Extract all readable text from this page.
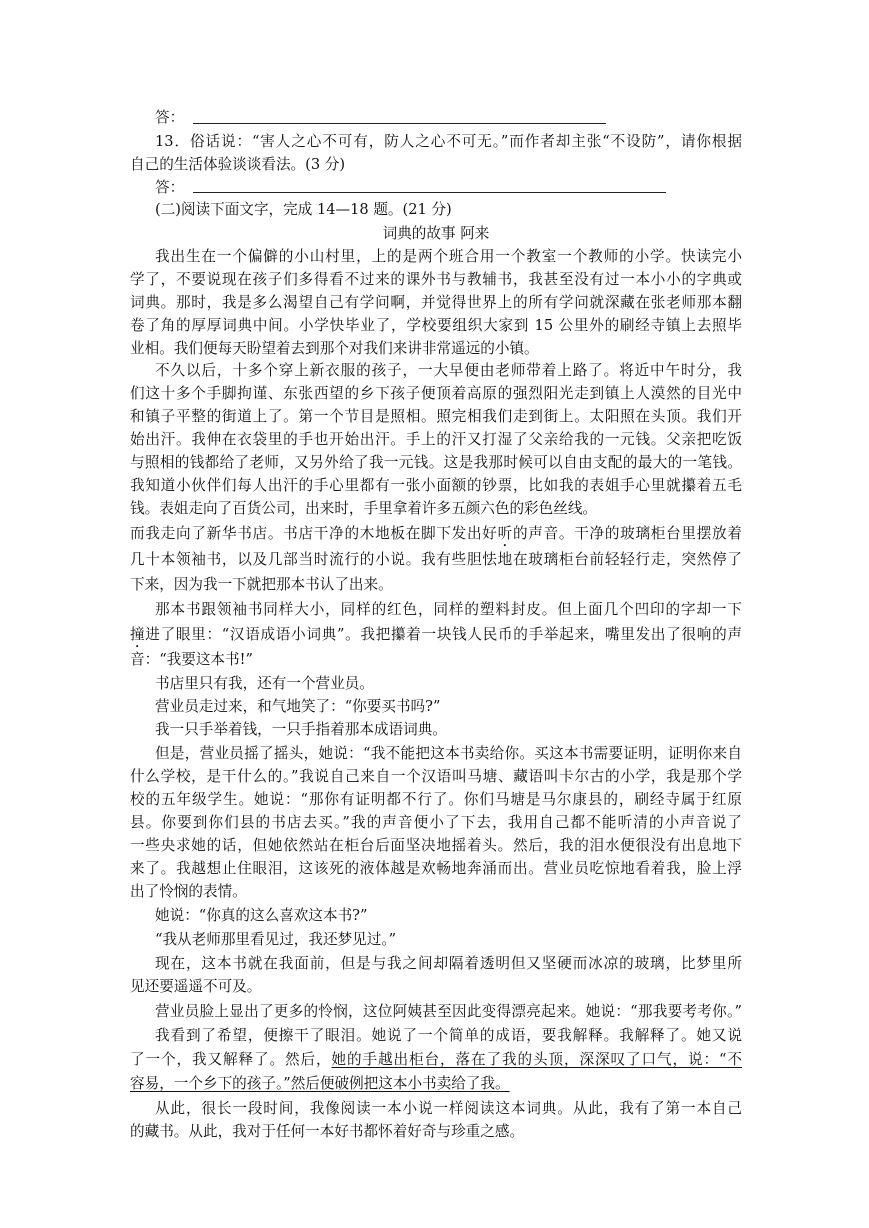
答：
13．俗话说：“害人之心不可有，防人之心不可无。”而作者却主张“不设防”，请你根据
自己的生活体验谈谈看法。(3 分)
答：
(二)阅读下面文字，完成 14—18 题。(21 分)
词典的故事 阿来
我出生在一个偏僻的小山村里，上的是两个班合用一个教室一个教师的小学。快读完小
学了，不要说现在孩子们多得看不过来的课外书与教辅书，我甚至没有过一本小小的字典或
词典。那时，我是多么渴望自己有学问啊，并觉得世界上的所有学问就深藏在张老师那本翻
卷了角的厚厚词典中间。小学快毕业了，学校要组织大家到 15 公里外的刷经寺镇上去照毕
业相。我们便每天盼望着去到那个对我们来讲非常遥远的小镇。
不久以后，十多个穿上新衣服的孩子，一大早便由老师带着上路了。将近中午时分，我
们这十多个手脚拘谨、东张西望的乡下孩子便顶着高原的强烈阳光走到镇上人漠然的目光中
和镇子平整的街道上了。第一个节目是照相。照完相我们走到街上。太阳照在头顶。我们开
始出汗。我伸在衣袋里的手也开始出汗。手上的汗又打湿了父亲给我的一元钱。父亲把吃饭
与照相的钱都给了老师，又另外给了我一元钱。这是我那时候可以自由支配的最大的一笔钱。
我知道小伙伴们每人出汗的手心里都有一张小面额的钞票，比如我的表姐手心里就攥着五毛
钱。表姐走向了百货公司，出来时，手里拿着许多五颜六色的彩色丝线。
而我走向了新华书店。书店干净的木地板在脚下发出好听的声音。干净的玻璃柜台里摆放着
几十本领袖书，以及几部当时流行的小说。我有些胆怯地在玻璃柜台前轻轻行走，突然停了
下来，因为我一下就把那本书认了出来。
那本书跟领袖书同样大小，同样的红色，同样的塑料封皮。但上面几个凹印的字却一下
撞进了眼里：“汉语成语小词典”。我把攥着一块钱人民币的手举起来，嘴里发出了很响的声
音：“我要这本书!”
书店里只有我，还有一个营业员。
营业员走过来，和气地笑了：“你要买书吗?”
我一只手举着钱，一只手指着那本成语词典。
但是，营业员摇了摇头，她说：“我不能把这本书卖给你。买这本书需要证明，证明你来自
什么学校，是干什么的。”我说自己来自一个汉语叫马塘、藏语叫卡尔古的小学，我是那个学
校的五年级学生。她说：“那你有证明都不行了。你们马塘是马尔康县的，刷经寺属于红原
县。你要到你们县的书店去买。”我的声音便小了下去，我用自己都不能听清的小声音说了
一些央求她的话，但她依然站在柜台后面坚决地摇着头。然后，我的泪水便很没有出息地下
来了。我越想止住眼泪，这该死的液体越是欢畅地奔涌而出。营业员吃惊地看着我，脸上浮
出了怜悯的表情。
她说：“你真的这么喜欢这本书?”
“我从老师那里看见过，我还梦见过。”
现在，这本书就在我面前，但是与我之间却隔着透明但又坚硬而冰凉的玻璃，比梦里所
见还要遥遥不可及。
营业员脸上显出了更多的怜悯，这位阿姨甚至因此变得漂亮起来。她说：“那我要考考你。”
我看到了希望，便擦干了眼泪。她说了一个简单的成语，要我解释。我解释了。她又说
了一个，我又解释了。然后，她的手越出柜台，落在了我的头顶，深深叹了口气，说：“不
容易，一个乡下的孩子。”然后便破例把这本小书卖给了我。
从此，很长一段时间，我像阅读一本小说一样阅读这本词典。从此，我有了第一本自己
的藏书。从此，我对于任何一本好书都怀着好奇与珍重之感。
